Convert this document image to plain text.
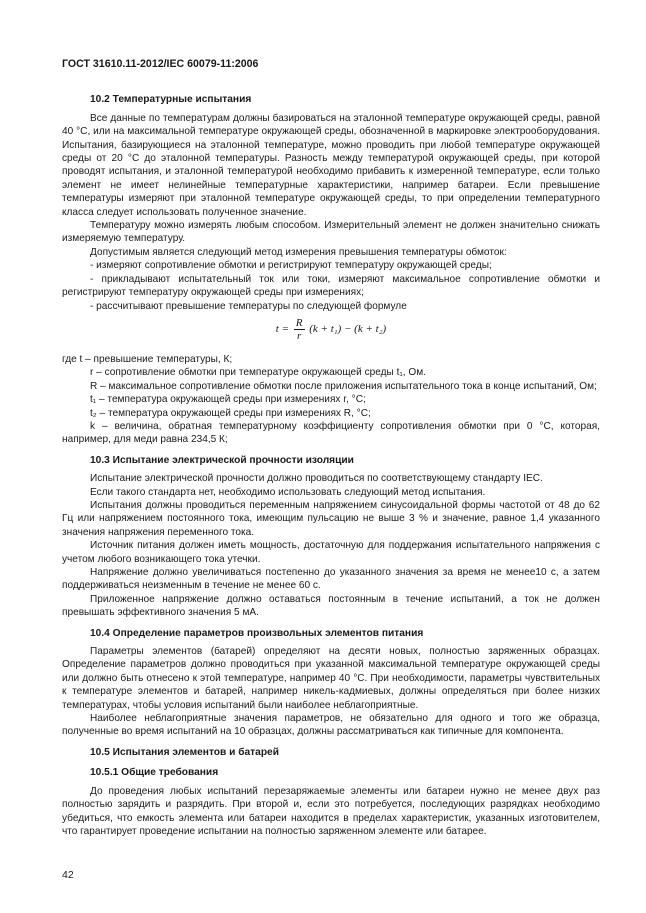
ГОСТ 31610.11-2012/IEC 60079-11:2006
10.2 Температурные испытания

Все данные по температурам должны базироваться на эталонной температуре окружающей среды, равной 40 °С, или на максимальной температуре окружающей среды, обозначенной в маркировке электрооборудования. Испытания, базирующиеся на эталонной температуре, можно проводить при любой температуре окружающей среды от 20 °С до эталонной температуры. Разность между температурой окружающей среды, при которой проводят испытания, и эталонной температурой необходимо прибавить к измеренной температуре, если только элемент не имеет нелинейные температурные характеристики, например батареи. Если превышение температуры измеряют при эталонной температуре окружающей среды, то при определении температурного класса следует использовать полученное значение.

Температуру можно измерять любым способом. Измерительный элемент не должен значительно снижать измеряемую температуру.

Допустимым является следующий метод измерения превышения температуры обмоток:

- измеряют сопротивление обмотки и регистрируют температуру окружающей среды;

- прикладывают испытательный ток или токи, измеряют максимальное сопротивление обмотки и регистрируют температуру окружающей среды при измерениях;

- рассчитывают превышение температуры по следующей формуле

$t = \frac{R}{r} (k + t_1) - (k + t_2)$

где t – превышение температуры, К;

r – сопротивление обмотки при температуре окружающей среды t₁, Ом.

R – максимальное сопротивление обмотки после приложения испытательного тока в конце испытаний, Ом;

t₁ – температура окружающей среды при измерениях r, °С;

t₂ – температура окружающей среды при измерениях R, °С;

k – величина, обратная температурному коэффициенту сопротивления обмотки при 0 °С, которая, например, для меди равна 234,5 К;

10.3 Испытание электрической прочности изоляции

Испытание электрической прочности должно проводиться по соответствующему стандарту IEC.

Если такого стандарта нет, необходимо использовать следующий метод испытания.

Испытания должны проводиться переменным напряжением синусоидальной формы частотой от 48 до 62 Гц или напряжением постоянного тока, имеющим пульсацию не выше 3 % и значение, равное 1,4 указанного значения напряжения переменного тока.

Источник питания должен иметь мощность, достаточную для поддержания испытательного напряжения с учетом любого возникающего тока утечки.

Напряжение должно увеличиваться постепенно до указанного значения за время не менее10 с, а затем поддерживаться неизменным в течение не менее 60 с.

Приложенное напряжение должно оставаться постоянным в течение испытаний, а ток не должен превышать эффективного значения 5 мА.

10.4 Определение параметров произвольных элементов питания

Параметры элементов (батарей) определяют на десяти новых, полностью заряженных образцах. Определение параметров должно проводиться при указанной максимальной температуре окружающей среды или должно быть отнесено к этой температуре, например 40 °С. При необходимости, параметры чувствительных к температуре элементов и батарей, например никель-кадмиевых, должны определяться при более низких температурах, чтобы условия испытаний были наиболее неблагоприятные.

Наиболее неблагоприятные значения параметров, не обязательно для одного и того же образца, полученные во время испытаний на 10 образцах, должны рассматриваться как типичные для компонента.

10.5 Испытания элементов и батарей
10.5.1 Общие требования

До проведения любых испытаний перезаряжаемые элементы или батареи нужно не менее двух раз полностью зарядить и разрядить. При второй и, если это потребуется, последующих разрядках необходимо убедиться, что емкость элемента или батареи находится в пределах характеристик, указанных изготовителем, что гарантирует проведение испытании на полностью заряженном элементе или батарее.

42
